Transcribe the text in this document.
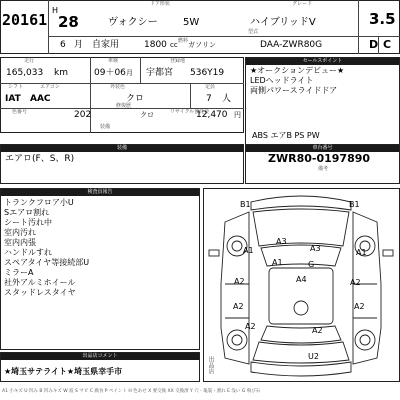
ドア形状	グレード
型式
燃料
20161
H
28	ヴォクシー	5W	ハイブリッドV	3.5
6 月 自家用	1800 cc ガソリン	DAA-ZWR80G	D C
走行	車検	登録地
165,033 km	09＋06 月 宇都宮 536Y19
シフト	エアコン	外装色	定員
IAT AAC	クロ	7 人
修復歴
色番号	リサイクル預託金
202	クロ	12,470 円
装備
セールスポイント
★オークションデビュー★
LEDヘッドライト
両側パワースライドドア
ABS エアB PS PW
装備
エアロ(F、S、R)
車台番号
ZWR80-0197890
備考
検査員報告
トランクフロア小U
Sエアロ割れ
シート汚れ中
室内汚れ
室内内張
ハンドルすれ
スペアタイヤ等接続部U
ミラーA
社外アルミホイール
スタッドレスタイヤ
出品店コメント
★埼玉サテライト★埼玉県幸手市	出品店
B1	B1
A3
A1	A3
G
A1
A1
A2	A4	A2
A2	A2
A2	A2
U2
A1 小キズ U 凹み B 凹みキズ W 波 S サビ C 腐食 P ペイント H 色あせ X 要交換 XX 交換済 Y 穴・亀裂・割れ E 浅い G 飛び石
